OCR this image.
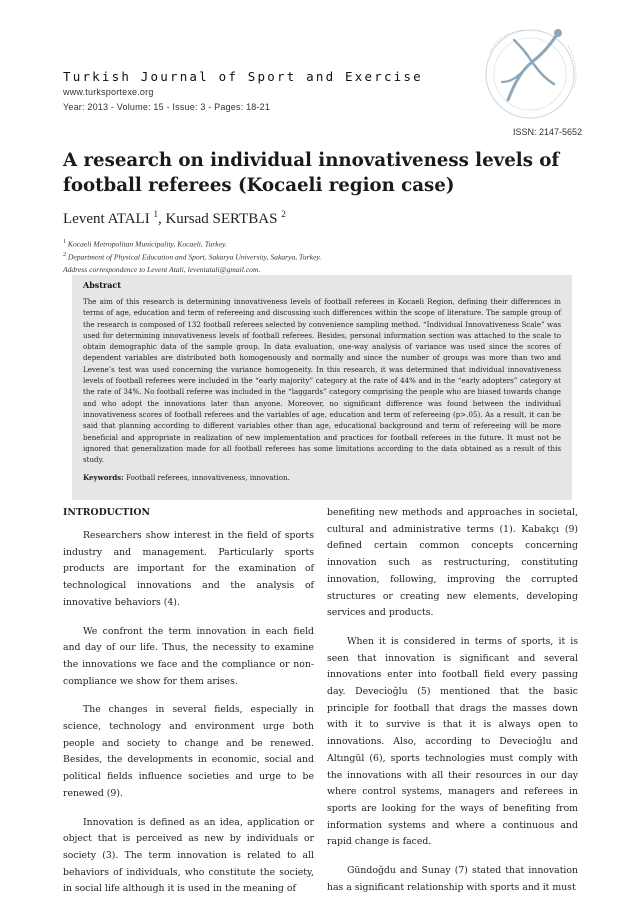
Turkish Journal of Sport and Exercise
www.turksportexe.org
Year: 2013 - Volume: 15 - Issue: 3 - Pages: 18-21
ISSN: 2147-5652
A research on individual innovativeness levels of football referees (Kocaeli region case)
Levent ATALI $^1$, Kursad SERTBAS $^2$
$^1$ Kocaeli Metropolitan Municipality, Kocaeli, Turkey.
$^2$ Department of Physical Education and Sport, Sakarya University, Sakarya, Turkey.
Address correspondence to Levent Atali, leventatali@gmail.com.
Abstract

The aim of this research is determining innovativeness levels of football referees in Kocaeli Region, defining their differences in terms of age, education and term of refereeing and discussing such differences within the scope of literature. The sample group of the research is composed of 132 football referees selected by convenience sampling method. “Individual Innovativeness Scale” was used for determining innovativeness levels of football referees. Besides, personal information section was attached to the scale to obtain demographic data of the sample group. In data evaluation, one-way analysis of variance was used since the scores of dependent variables are distributed both homogenously and normally and since the number of groups was more than two and Levene’s test was used concerning the variance homogeneity. In this research, it was determined that individual innovativeness levels of football referees were included in the “early majority” category at the rate of 44% and in the “early adopters” category at the rate of 34%. No football referee was included in the “laggards” category comprising the people who are biased towards change and who adopt the innovations later than anyone. Moreover, no significant difference was found between the individual innovativeness scores of football referees and the variables of age, education and term of refereeing (p>.05). As a result, it can be said that planning according to different variables other than age, educational background and term of refereeing will be more beneficial and appropriate in realization of new implementation and practices for football referees in the future. It must not be ignored that generalization made for all football referees has some limitations according to the data obtained as a result of this study.

Keywords: Football referees, innovativeness, innovation.
INTRODUCTION

Researchers show interest in the field of sports industry and management. Particularly sports products are important for the examination of technological innovations and the analysis of innovative behaviors (4).

We confront the term innovation in each field and day of our life. Thus, the necessity to examine the innovations we face and the compliance or non-compliance we show for them arises.

The changes in several fields, especially in science, technology and environment urge both people and society to change and be renewed. Besides, the developments in economic, social and political fields influence societies and urge to be renewed (9).

Innovation is defined as an idea, application or object that is perceived as new by individuals or society (3). The term innovation is related to all behaviors of individuals, who constitute the society, in social life although it is used in the meaning of

benefiting new methods and approaches in societal, cultural and administrative terms (1). Kabakçı (9) defined certain common concepts concerning innovation such as restructuring, constituting innovation, following, improving the corrupted structures or creating new elements, developing services and products.

When it is considered in terms of sports, it is seen that innovation is significant and several innovations enter into football field every passing day. Devecioğlu (5) mentioned that the basic principle for football that drags the masses down with it to survive is that it is always open to innovations. Also, according to Devecioğlu and Altıngül (6), sports technologies must comply with the innovations with all their resources in our day where control systems, managers and referees in sports are looking for the ways of benefiting from information systems and where a continuous and rapid change is faced.

Gündoğdu and Sunay (7) stated that innovation has a significant relationship with sports and it must
